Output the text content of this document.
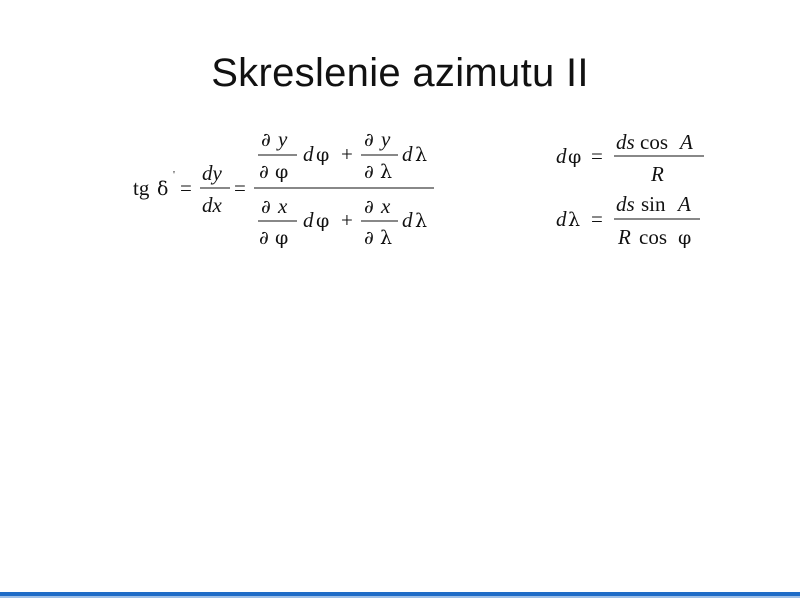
Skreslenie azimutu II
tg δ
'
=
dy
dx
=
∂ y
∂ φ
d φ +
∂ y
∂ λ
d λ
∂ x
∂ φ
d φ +
∂ x
∂ λ
d λ
d φ =
ds cos A
R
d λ =
ds sin A
R cos φ
